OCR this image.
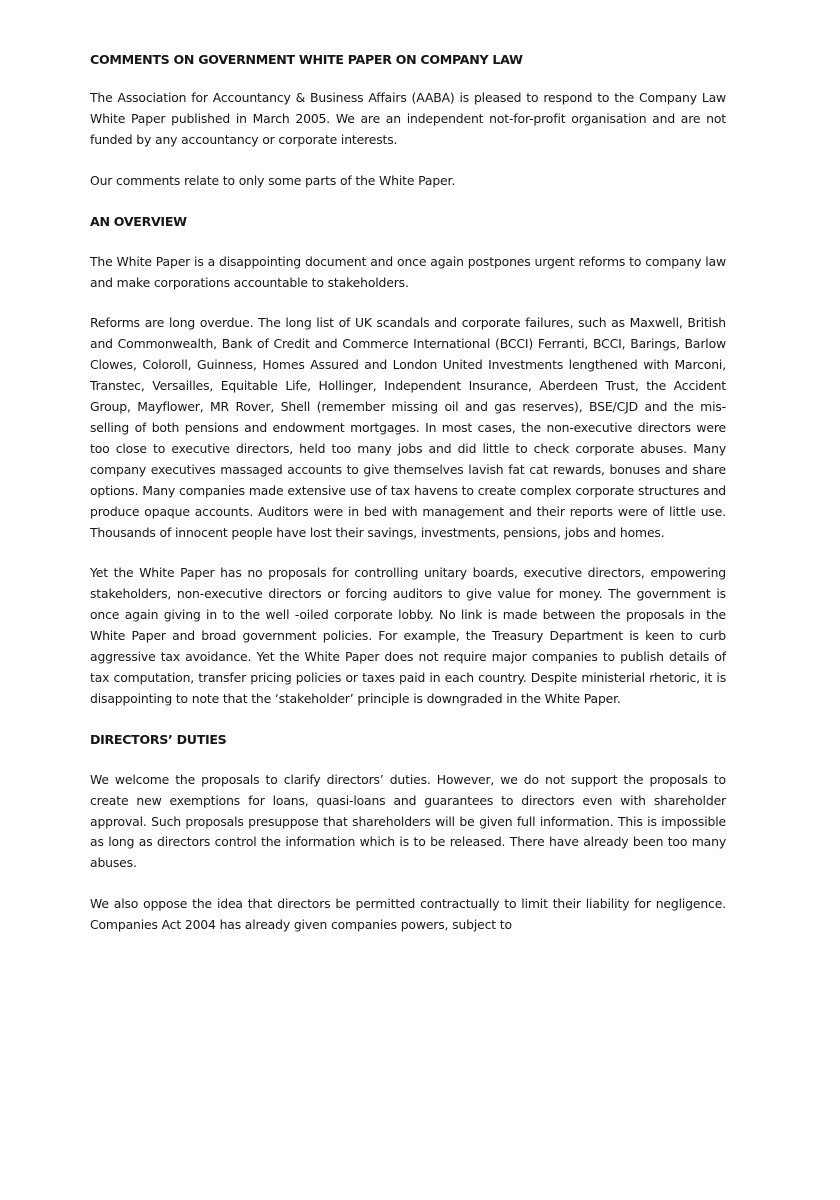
COMMENTS ON GOVERNMENT WHITE PAPER ON COMPANY LAW

The Association for Accountancy & Business Affairs (AABA) is pleased to respond to the Company Law White Paper published in March 2005. We are an independent not-for-profit organisation and are not funded by any accountancy or corporate interests.

Our comments relate to only some parts of the White Paper.

AN OVERVIEW

The White Paper is a disappointing document and once again postpones urgent reforms to company law and make corporations accountable to stakeholders.

Reforms are long overdue. The long list of UK scandals and corporate failures, such as Maxwell, British and Commonwealth, Bank of Credit and Commerce International (BCCI) Ferranti, BCCI, Barings, Barlow Clowes, Coloroll, Guinness, Homes Assured and London United Investments lengthened with Marconi, Transtec, Versailles, Equitable Life, Hollinger, Independent Insurance, Aberdeen Trust, the Accident Group, Mayflower, MR Rover, Shell (remember missing oil and gas reserves), BSE/CJD and the mis-selling of both pensions and endowment mortgages. In most cases, the non-executive directors were too close to executive directors, held too many jobs and did little to check corporate abuses. Many company executives massaged accounts to give themselves lavish fat cat rewards, bonuses and share options. Many companies made extensive use of tax havens to create complex corporate structures and produce opaque accounts. Auditors were in bed with management and their reports were of little use. Thousands of innocent people have lost their savings, investments, pensions, jobs and homes.

Yet the White Paper has no proposals for controlling unitary boards, executive directors, empowering stakeholders, non-executive directors or forcing auditors to give value for money. The government is once again giving in to the well -oiled corporate lobby. No link is made between the proposals in the White Paper and broad government policies. For example, the Treasury Department is keen to curb aggressive tax avoidance. Yet the White Paper does not require major companies to publish details of tax computation, transfer pricing policies or taxes paid in each country. Despite ministerial rhetoric, it is disappointing to note that the ‘stakeholder’ principle is downgraded in the White Paper.

DIRECTORS’ DUTIES

We welcome the proposals to clarify directors’ duties. However, we do not support the proposals to create new exemptions for loans, quasi-loans and guarantees to directors even with shareholder approval. Such proposals presuppose that shareholders will be given full information. This is impossible as long as directors control the information which is to be released. There have already been too many abuses.

We also oppose the idea that directors be permitted contractually to limit their liability for negligence. Companies Act 2004 has already given companies powers, subject to
